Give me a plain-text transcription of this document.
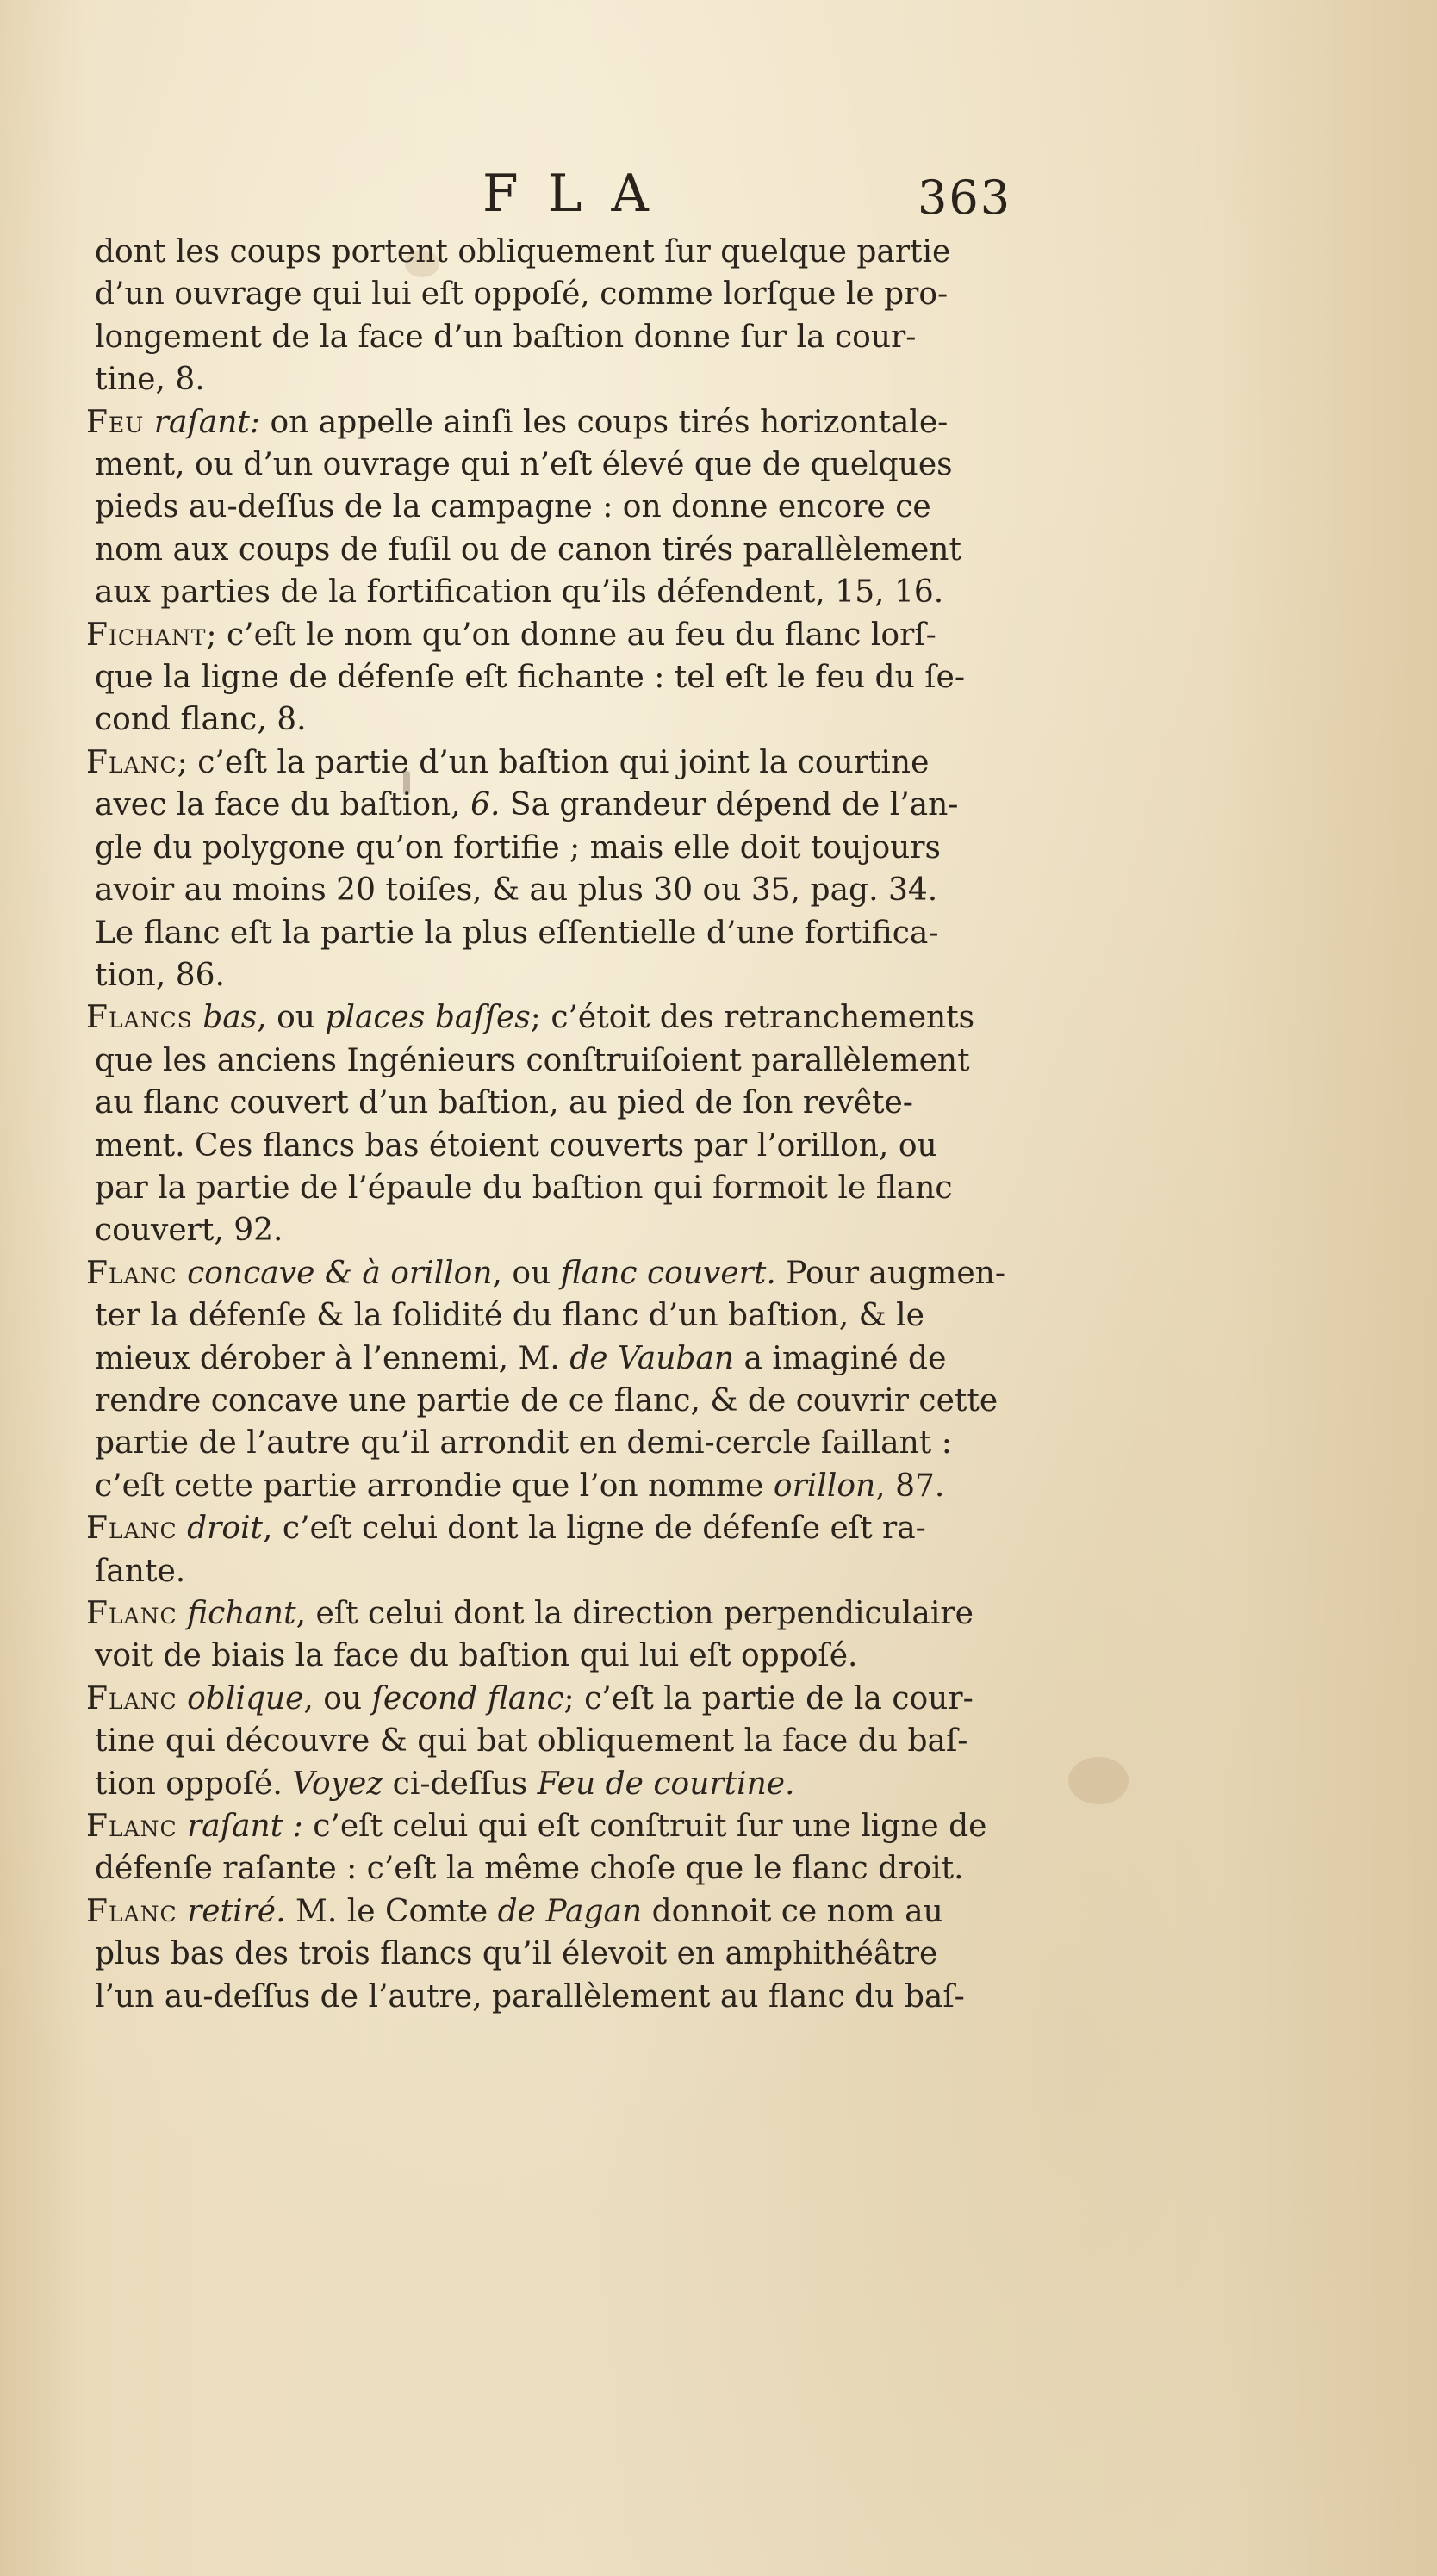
FLA	363
dont les coups portent obliquement ſur quelque partie
d’un ouvrage qui lui eſt oppoſé, comme lorſque le pro-
longement de la face d’un baſtion donne ſur la cour-
tine, 8.
Feu raſant: on appelle ainſi les coups tirés horizontale-
ment, ou d’un ouvrage qui n’eſt élevé que de quelques
pieds au-deſſus de la campagne : on donne encore ce
nom aux coups de fuſil ou de canon tirés parallèlement
aux parties de la fortification qu’ils défendent, 15, 16.
Fichant; c’eſt le nom qu’on donne au feu du flanc lorſ-
que la ligne de défenſe eſt fichante : tel eſt le feu du ſe-
cond flanc, 8.
Flanc; c’eſt la partie d’un baſtion qui joint la courtine
avec la face du baſtion, 6. Sa grandeur dépend de l’an-
gle du polygone qu’on fortifie ; mais elle doit toujours
avoir au moins 20 toiſes, & au plus 30 ou 35, pag. 34.
Le flanc eſt la partie la plus eſſentielle d’une fortifica-
tion, 86.
Flancs bas, ou places baſſes; c’étoit des retranchements
que les anciens Ingénieurs conſtruiſoient parallèlement
au flanc couvert d’un baſtion, au pied de ſon revête-
ment. Ces flancs bas étoient couverts par l’orillon, ou
par la partie de l’épaule du baſtion qui formoit le flanc
couvert, 92.
Flanc concave & à orillon, ou flanc couvert. Pour augmen-
ter la défenſe & la ſolidité du flanc d’un baſtion, & le
mieux dérober à l’ennemi, M. de Vauban a imaginé de
rendre concave une partie de ce flanc, & de couvrir cette
partie de l’autre qu’il arrondit en demi-cercle ſaillant :
c’eſt cette partie arrondie que l’on nomme orillon, 87.
Flanc droit, c’eſt celui dont la ligne de défenſe eſt ra-
ſante.
Flanc fichant, eſt celui dont la direction perpendiculaire
voit de biais la face du baſtion qui lui eſt oppoſé.
Flanc oblique, ou ſecond flanc; c’eſt la partie de la cour-
tine qui découvre & qui bat obliquement la face du baſ-
tion oppoſé. Voyez ci-deſſus Feu de courtine.
Flanc raſant : c’eſt celui qui eſt conſtruit ſur une ligne de
défenſe raſante : c’eſt la même choſe que le flanc droit.
Flanc retiré. M. le Comte de Pagan donnoit ce nom au
plus bas des trois flancs qu’il élevoit en amphithéâtre
l’un au-deſſus de l’autre, parallèlement au flanc du baſ-
